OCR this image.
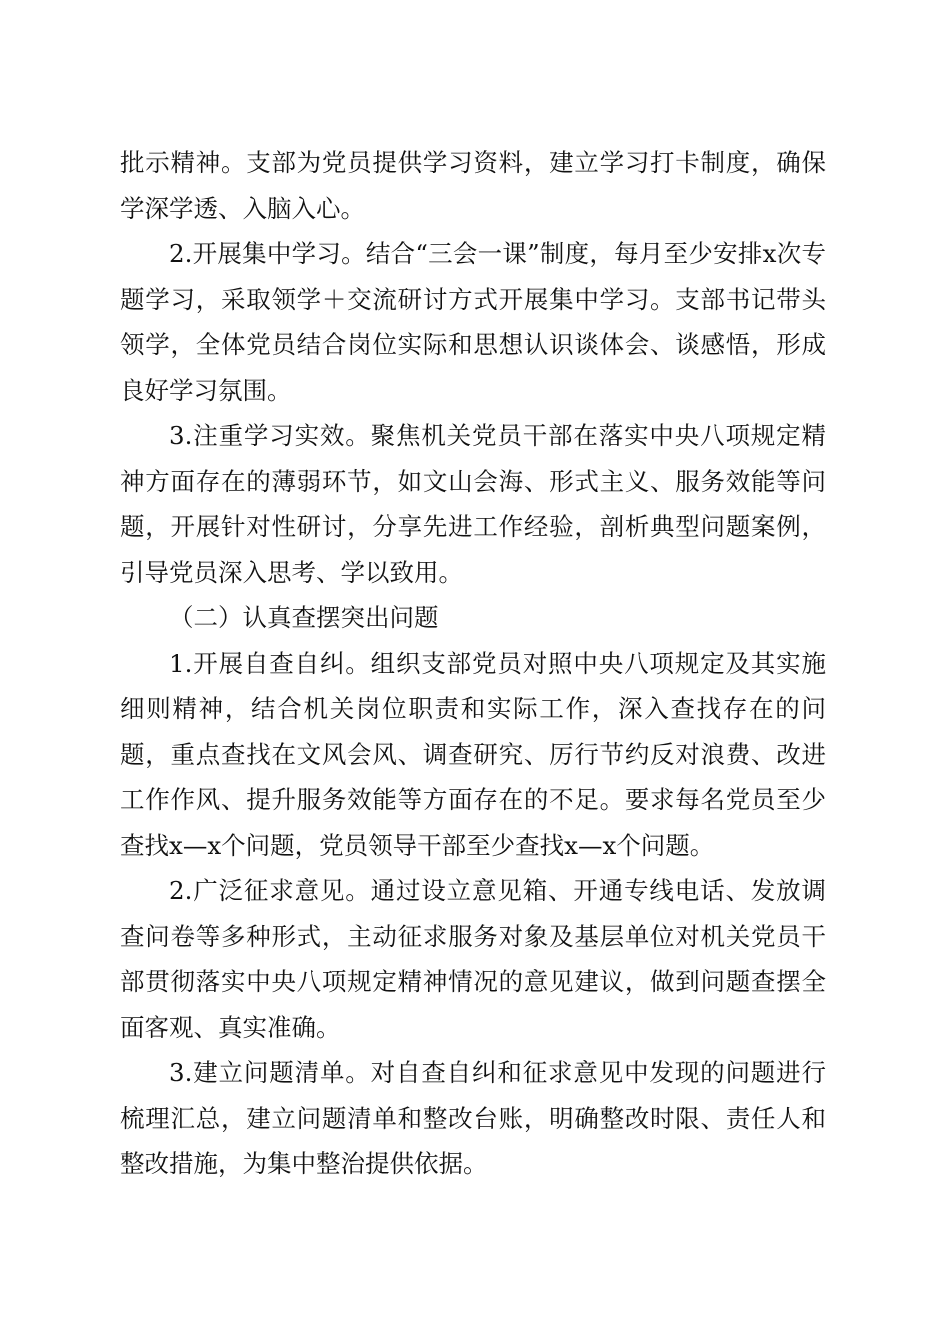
批示精神。支部为党员提供学习资料，建立学习打卡制度，确保学深学透、入脑入心。

2.开展集中学习。结合“三会一课”制度，每月至少安排x次专题学习，采取领学＋交流研讨方式开展集中学习。支部书记带头领学，全体党员结合岗位实际和思想认识谈体会、谈感悟，形成良好学习氛围。

3.注重学习实效。聚焦机关党员干部在落实中央八项规定精神方面存在的薄弱环节，如文山会海、形式主义、服务效能等问题，开展针对性研讨，分享先进工作经验，剖析典型问题案例，引导党员深入思考、学以致用。

（二）认真查摆突出问题

1.开展自查自纠。组织支部党员对照中央八项规定及其实施细则精神，结合机关岗位职责和实际工作，深入查找存在的问题，重点查找在文风会风、调查研究、厉行节约反对浪费、改进工作作风、提升服务效能等方面存在的不足。要求每名党员至少查找x—x个问题，党员领导干部至少查找x—x个问题。

2.广泛征求意见。通过设立意见箱、开通专线电话、发放调查问卷等多种形式，主动征求服务对象及基层单位对机关党员干部贯彻落实中央八项规定精神情况的意见建议，做到问题查摆全面客观、真实准确。

3.建立问题清单。对自查自纠和征求意见中发现的问题进行梳理汇总，建立问题清单和整改台账，明确整改时限、责任人和整改措施，为集中整治提供依据。
